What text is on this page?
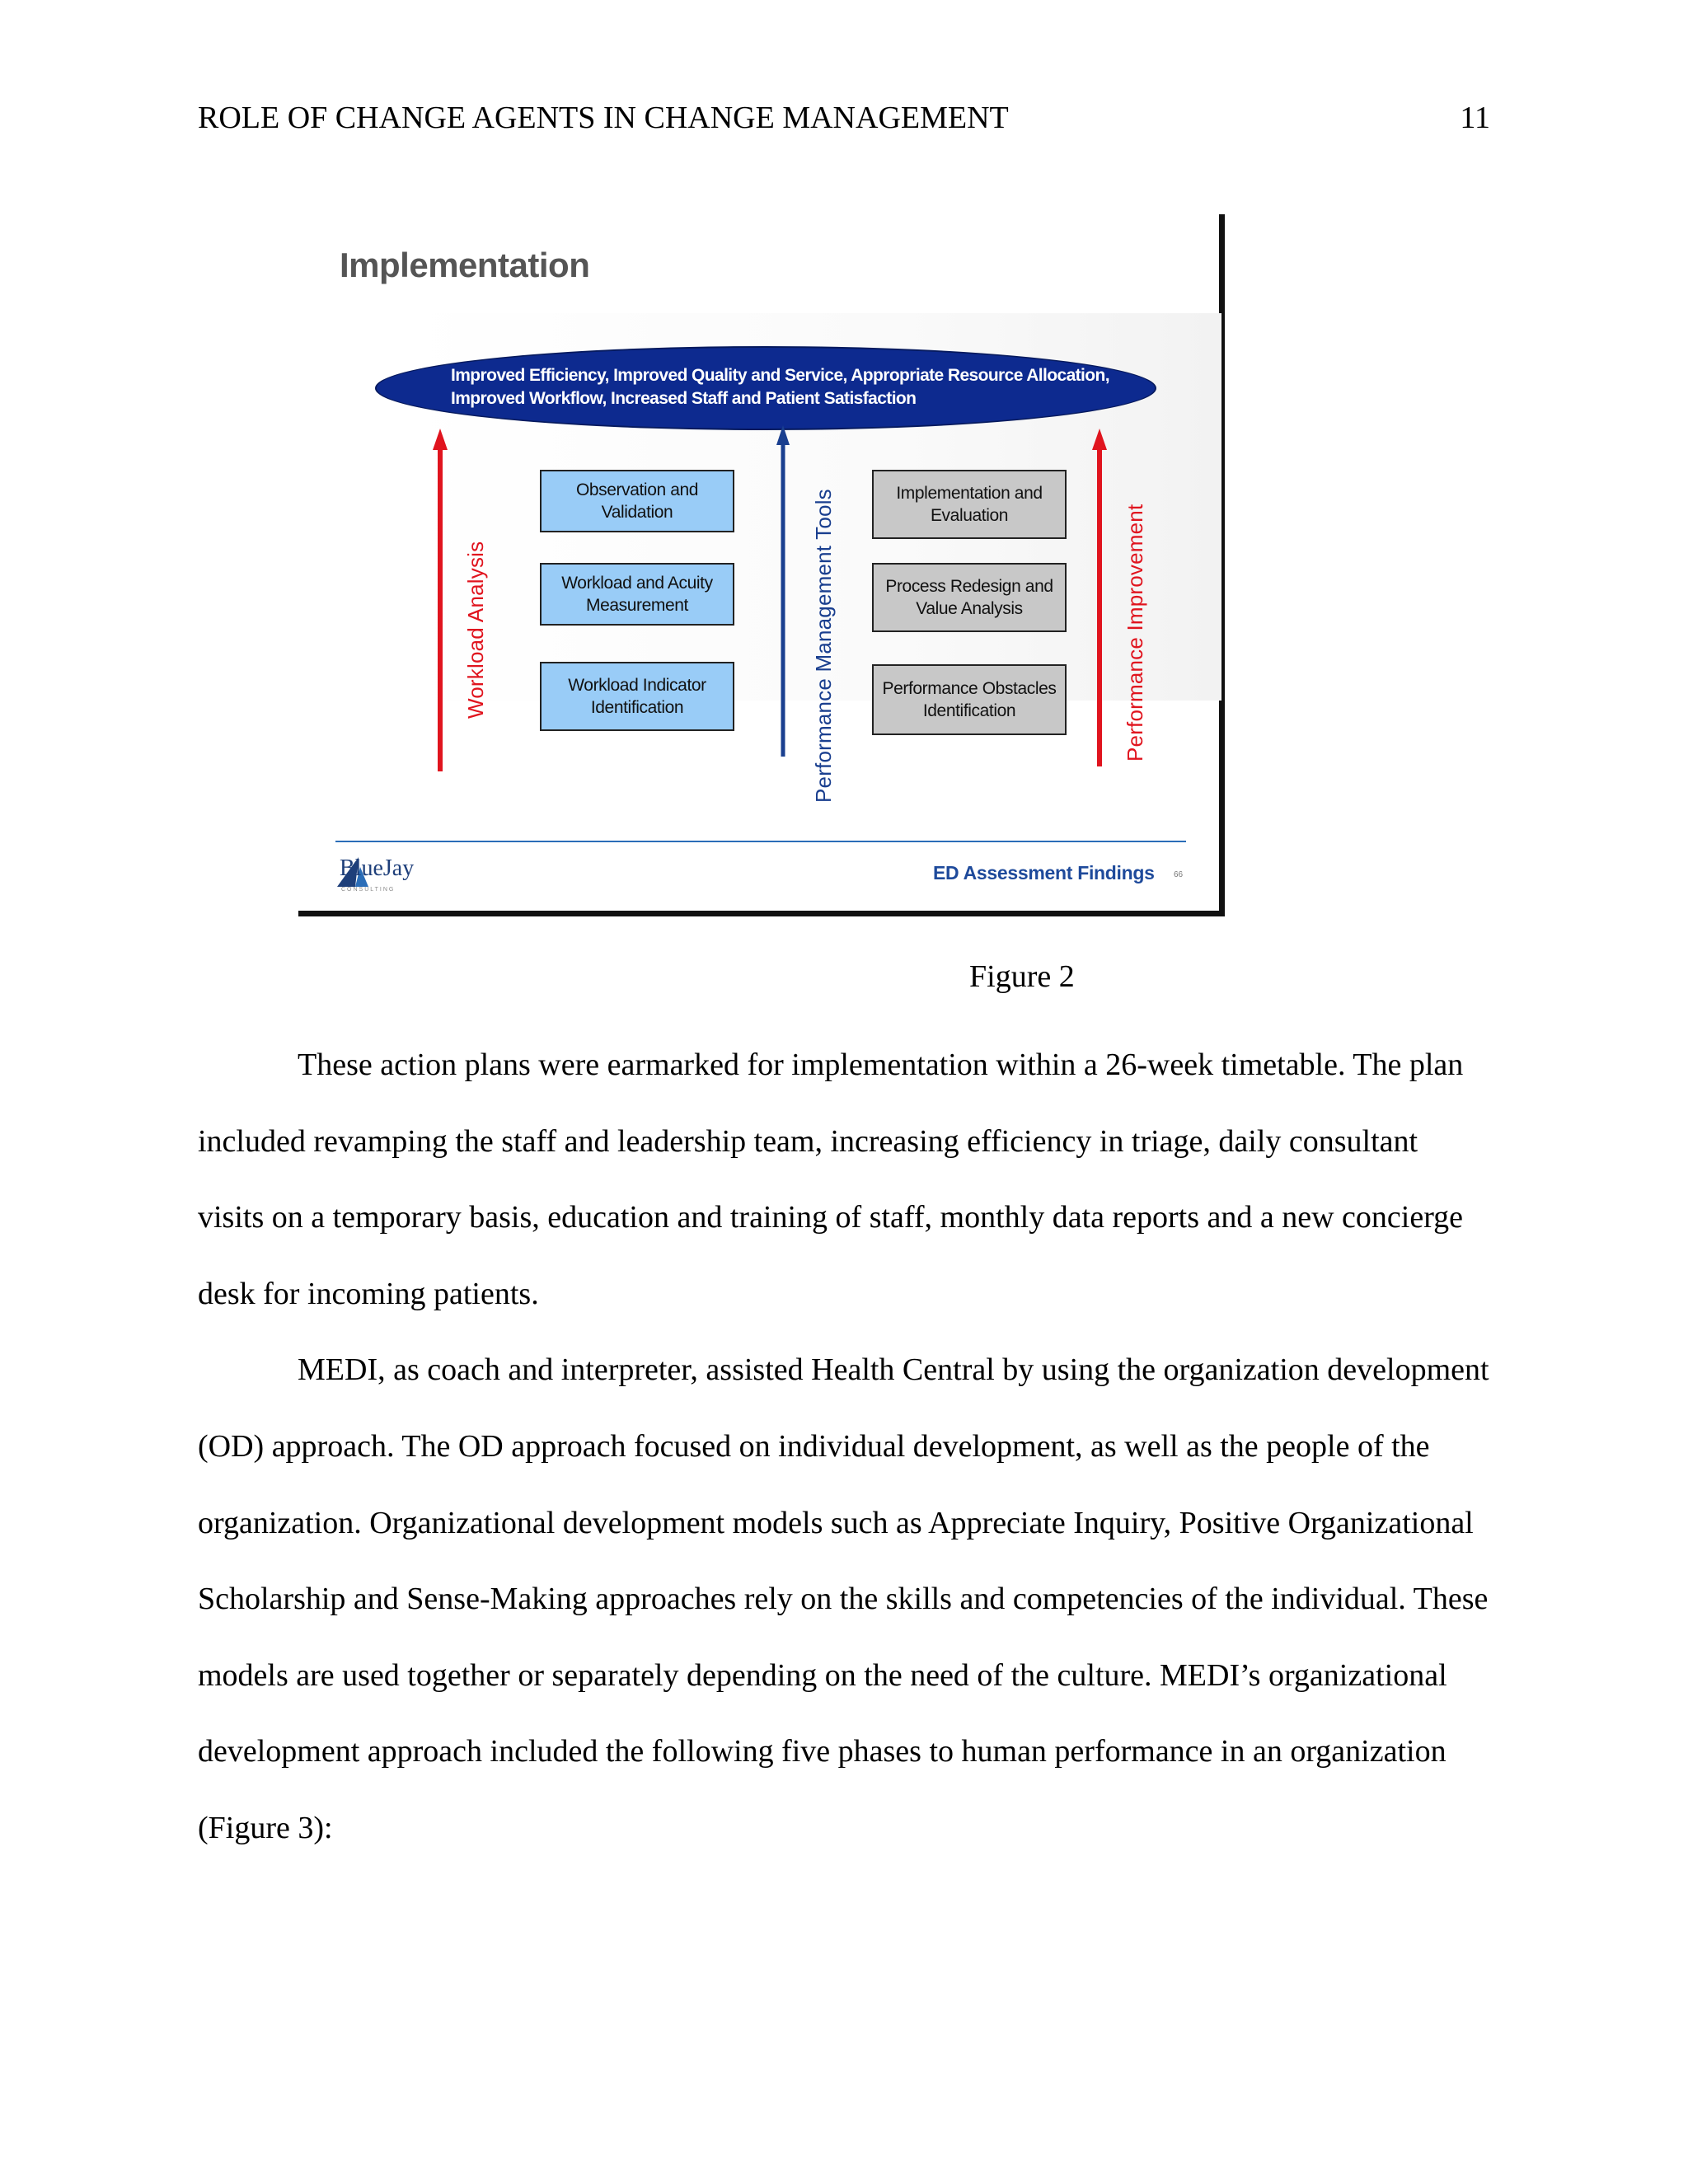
ROLE OF CHANGE AGENTS IN CHANGE MANAGEMENT	11
Implementation
Improved Efficiency, Improved Quality and Service, Appropriate Resource Allocation,
Improved Workflow, Increased Staff and Patient Satisfaction
Observation and Validation
Workload and Acuity Measurement
Workload Indicator Identification
Implementation and Evaluation
Process Redesign and Value Analysis
Performance Obstacles Identification
Workload Analysis	Performance Management Tools	Performance Improvement
BlueJay
CONSULTING
ED Assessment Findings 66
Figure 2

These action plans were earmarked for implementation within a 26-week timetable. The plan included revamping the staff and leadership team, increasing efficiency in triage, daily consultant visits on a temporary basis, education and training of staff, monthly data reports and a new concierge desk for incoming patients.

MEDI, as coach and interpreter, assisted Health Central by using the organization development (OD) approach. The OD approach focused on individual development, as well as the people of the organization. Organizational development models such as Appreciate Inquiry, Positive Organizational Scholarship and Sense-Making approaches rely on the skills and competencies of the individual. These models are used together or separately depending on the need of the culture. MEDI’s organizational development approach included the following five phases to human performance in an organization (Figure 3):
